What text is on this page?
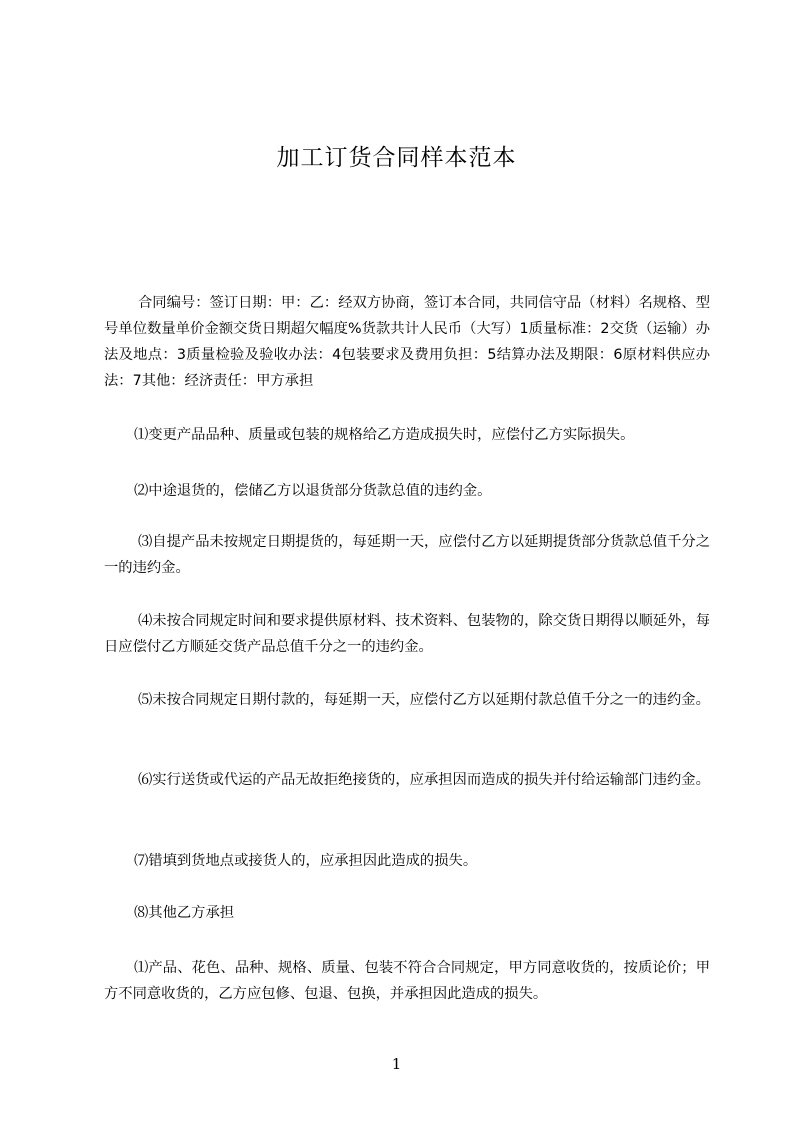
加工订货合同样本范本

合同编号：签订日期：甲：乙：经双方协商，签订本合同，共同信守品（材料）名规格、型号单位数量单价金额交货日期超欠幅度%货款共计人民币（大写）1质量标准：2交货（运输）办法及地点：3质量检验及验收办法：4包装要求及费用负担：5结算办法及期限：6原材料供应办法：7其他：经济责任：甲方承担

⑴变更产品品种、质量或包装的规格给乙方造成损失时，应偿付乙方实际损失。

⑵中途退货的，偿储乙方以退货部分货款总值的违约金。

⑶自提产品未按规定日期提货的，每延期一天，应偿付乙方以延期提货部分货款总值千分之一的违约金。

⑷未按合同规定时间和要求提供原材料、技术资料、包装物的，除交货日期得以顺延外，每日应偿付乙方顺延交货产品总值千分之一的违约金。

⑸未按合同规定日期付款的，每延期一天，应偿付乙方以延期付款总值千分之一的违约金。

⑹实行送货或代运的产品无故拒绝接货的，应承担因而造成的损失并付给运输部门违约金。

⑺错填到货地点或接货人的，应承担因此造成的损失。

⑻其他乙方承担

⑴产品、花色、品种、规格、质量、包装不符合合同规定，甲方同意收货的，按质论价；甲方不同意收货的，乙方应包修、包退、包换，并承担因此造成的损失。

1
